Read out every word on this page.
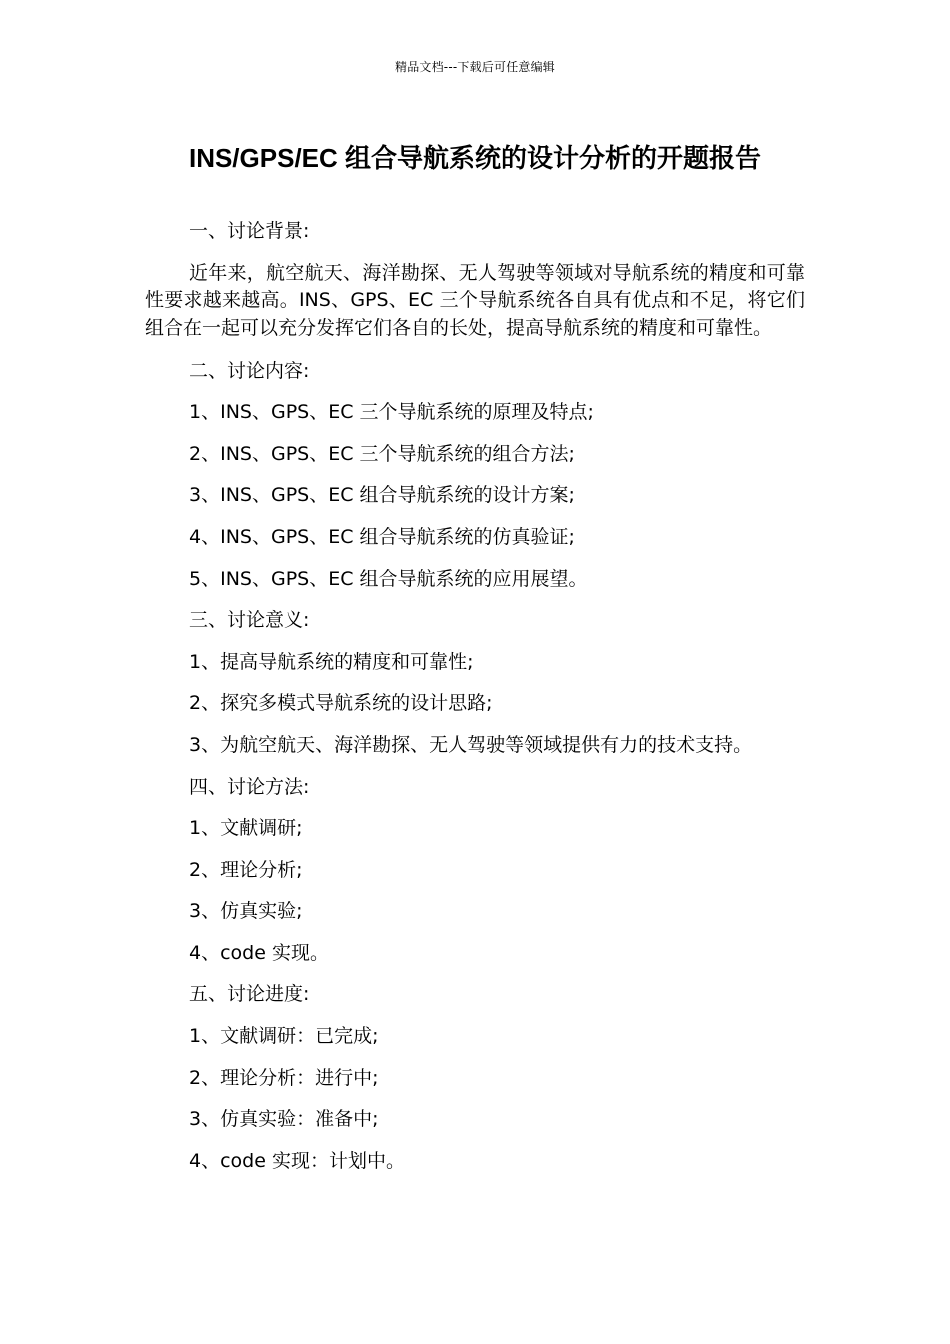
精品文档---下载后可任意编辑
INS/GPS/EC 组合导航系统的设计分析的开题报告
一、讨论背景:
近年来，航空航天、海洋勘探、无人驾驶等领域对导航系统的精度和可靠性要求越来越高。INS、GPS、EC 三个导航系统各自具有优点和不足，将它们组合在一起可以充分发挥它们各自的长处，提高导航系统的精度和可靠性。
二、讨论内容:
1、INS、GPS、EC 三个导航系统的原理及特点;
2、INS、GPS、EC 三个导航系统的组合方法;
3、INS、GPS、EC 组合导航系统的设计方案;
4、INS、GPS、EC 组合导航系统的仿真验证;
5、INS、GPS、EC 组合导航系统的应用展望。
三、讨论意义:
1、提高导航系统的精度和可靠性;
2、探究多模式导航系统的设计思路;
3、为航空航天、海洋勘探、无人驾驶等领域提供有力的技术支持。
四、讨论方法:
1、文献调研;
2、理论分析;
3、仿真实验;
4、code 实现。
五、讨论进度:
1、文献调研：已完成;
2、理论分析：进行中;
3、仿真实验：准备中;
4、code 实现：计划中。
